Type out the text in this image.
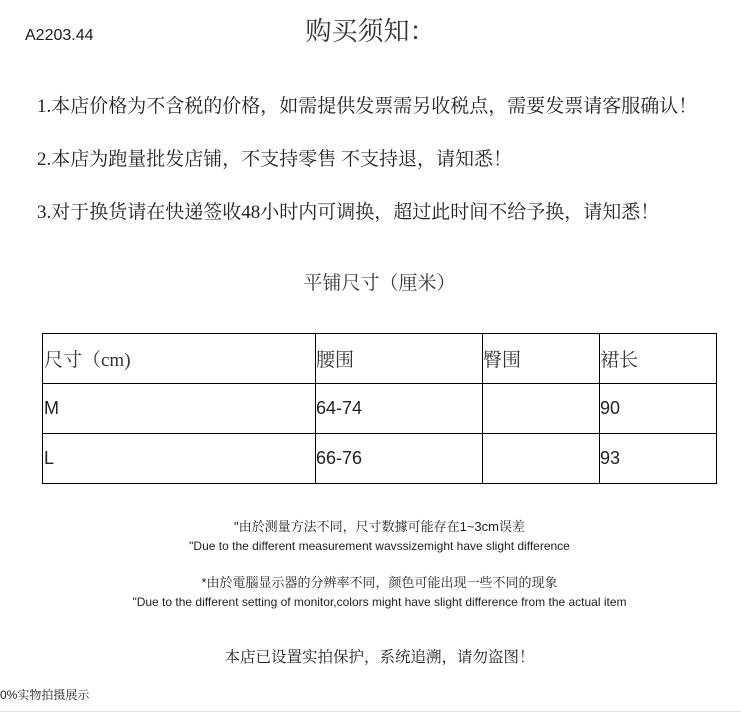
A2203.44	购买须知：
1.本店价格为不含税的价格，如需提供发票需另收税点，需要发票请客服确认！
2.本店为跑量批发店铺，不支持零售 不支持退，请知悉！
3.对于换货请在快递签收48小时内可调换，超过此时间不给予换，请知悉！
平铺尺寸（厘米）
尺寸（cm)	腰围	臀围	裙长
M	64-74		90
L	66-76		93
"由於测量方法不同，尺寸数據可能存在1~3cm误差
"Due to the different measurement wavssizemight have slight difference
*由於電腦显示器的分辨率不同，颜色可能出现一些不同的现象
"Due to the different setting of monitor,colors might have slight difference from the actual item
本店已设置实拍保护，系统追溯，请勿盗图！
0%实物拍摄展示
